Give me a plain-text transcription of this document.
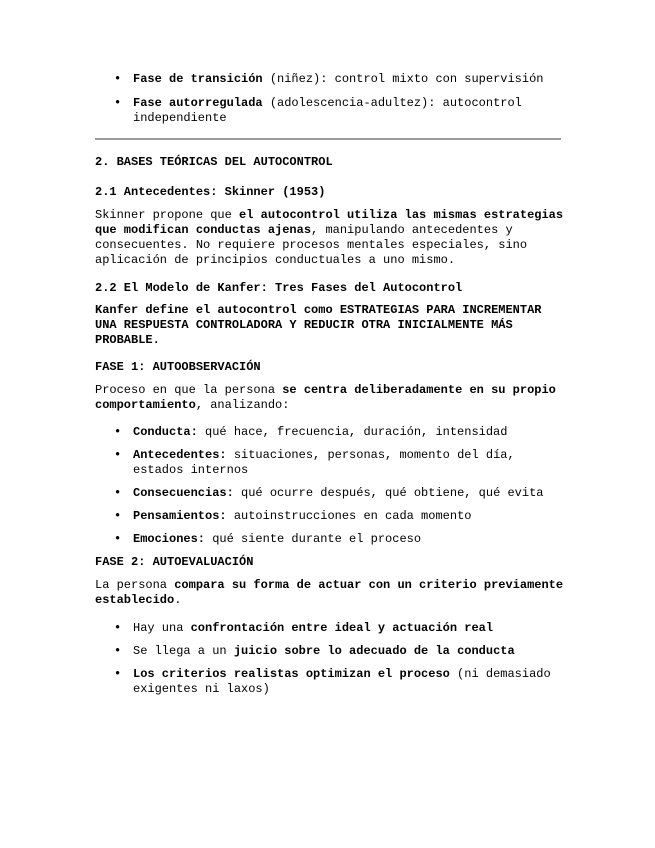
• Fase de transición (niñez): control mixto con supervisión
• Fase autorregulada (adolescencia-adultez): autocontrol independiente
2. BASES TEÓRICAS DEL AUTOCONTROL
2.1 Antecedentes: Skinner (1953)

Skinner propone que el autocontrol utiliza las mismas estrategias que modifican conductas ajenas, manipulando antecedentes y consecuentes. No requiere procesos mentales especiales, sino aplicación de principios conductuales a uno mismo.

2.2 El Modelo de Kanfer: Tres Fases del Autocontrol

Kanfer define el autocontrol como ESTRATEGIAS PARA INCREMENTAR UNA RESPUESTA CONTROLADORA Y REDUCIR OTRA INICIALMENTE MÁS PROBABLE.

FASE 1: AUTOOBSERVACIÓN

Proceso en que la persona se centra deliberadamente en su propio comportamiento, analizando:

• Conducta: qué hace, frecuencia, duración, intensidad
• Antecedentes: situaciones, personas, momento del día, estados internos
• Consecuencias: qué ocurre después, qué obtiene, qué evita
• Pensamientos: autoinstrucciones en cada momento
• Emociones: qué siente durante el proceso
FASE 2: AUTOEVALUACIÓN

La persona compara su forma de actuar con un criterio previamente establecido.

• Hay una confrontación entre ideal y actuación real
• Se llega a un juicio sobre lo adecuado de la conducta
• Los criterios realistas optimizan el proceso (ni demasiado exigentes ni laxos)
